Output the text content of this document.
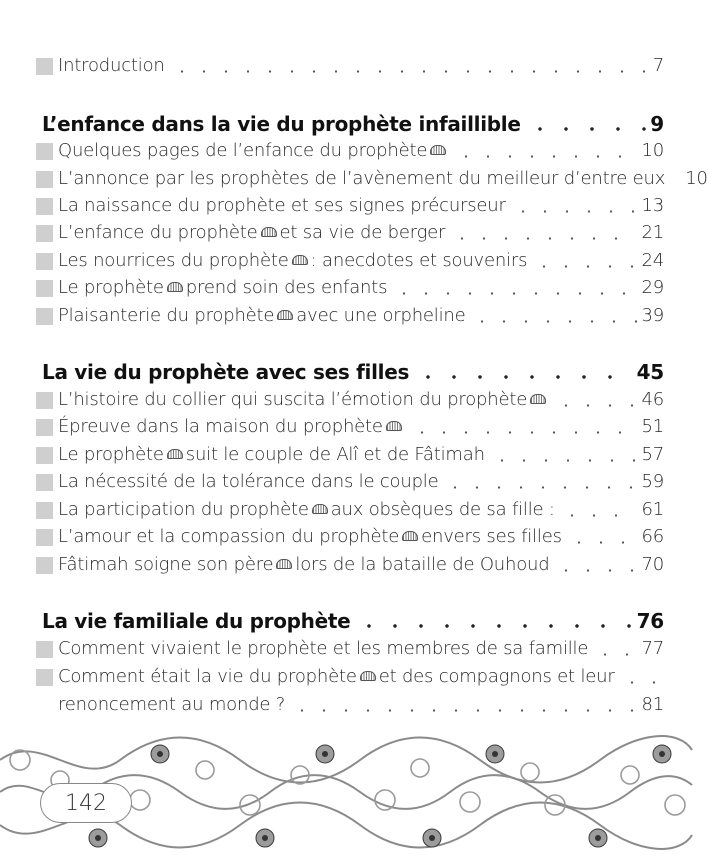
Introduction	7
L’enfance dans la vie du prophète infaillible	9
Quelques pages de l’enfance du prophète	10
L’annonce par les prophètes de l’avènement du meilleur d’entre eux 10
La naissance du prophète et ses signes précurseur	13
L’enfance du prophète et sa vie de berger	21
Les nourrices du prophète : anecdotes et souvenirs	24
Le prophète prend soin des enfants	29
Plaisanterie du prophète avec une orpheline	39
La vie du prophète avec ses filles	45
L’histoire du collier qui suscita l’émotion du prophète	46
Épreuve dans la maison du prophète	51
Le prophète suit le couple de Alî et de Fâtimah	57
La nécessité de la tolérance dans le couple	59
La participation du prophète aux obsèques de sa fille :	61
L’amour et la compassion du prophète envers ses filles	66
Fâtimah soigne son père lors de la bataille de Ouhoud	70
La vie familiale du prophète	76
Comment vivaient le prophète et les membres de sa famille	77
Comment était la vie du prophète et des compagnons et leur
renoncement au monde ?	81
142
